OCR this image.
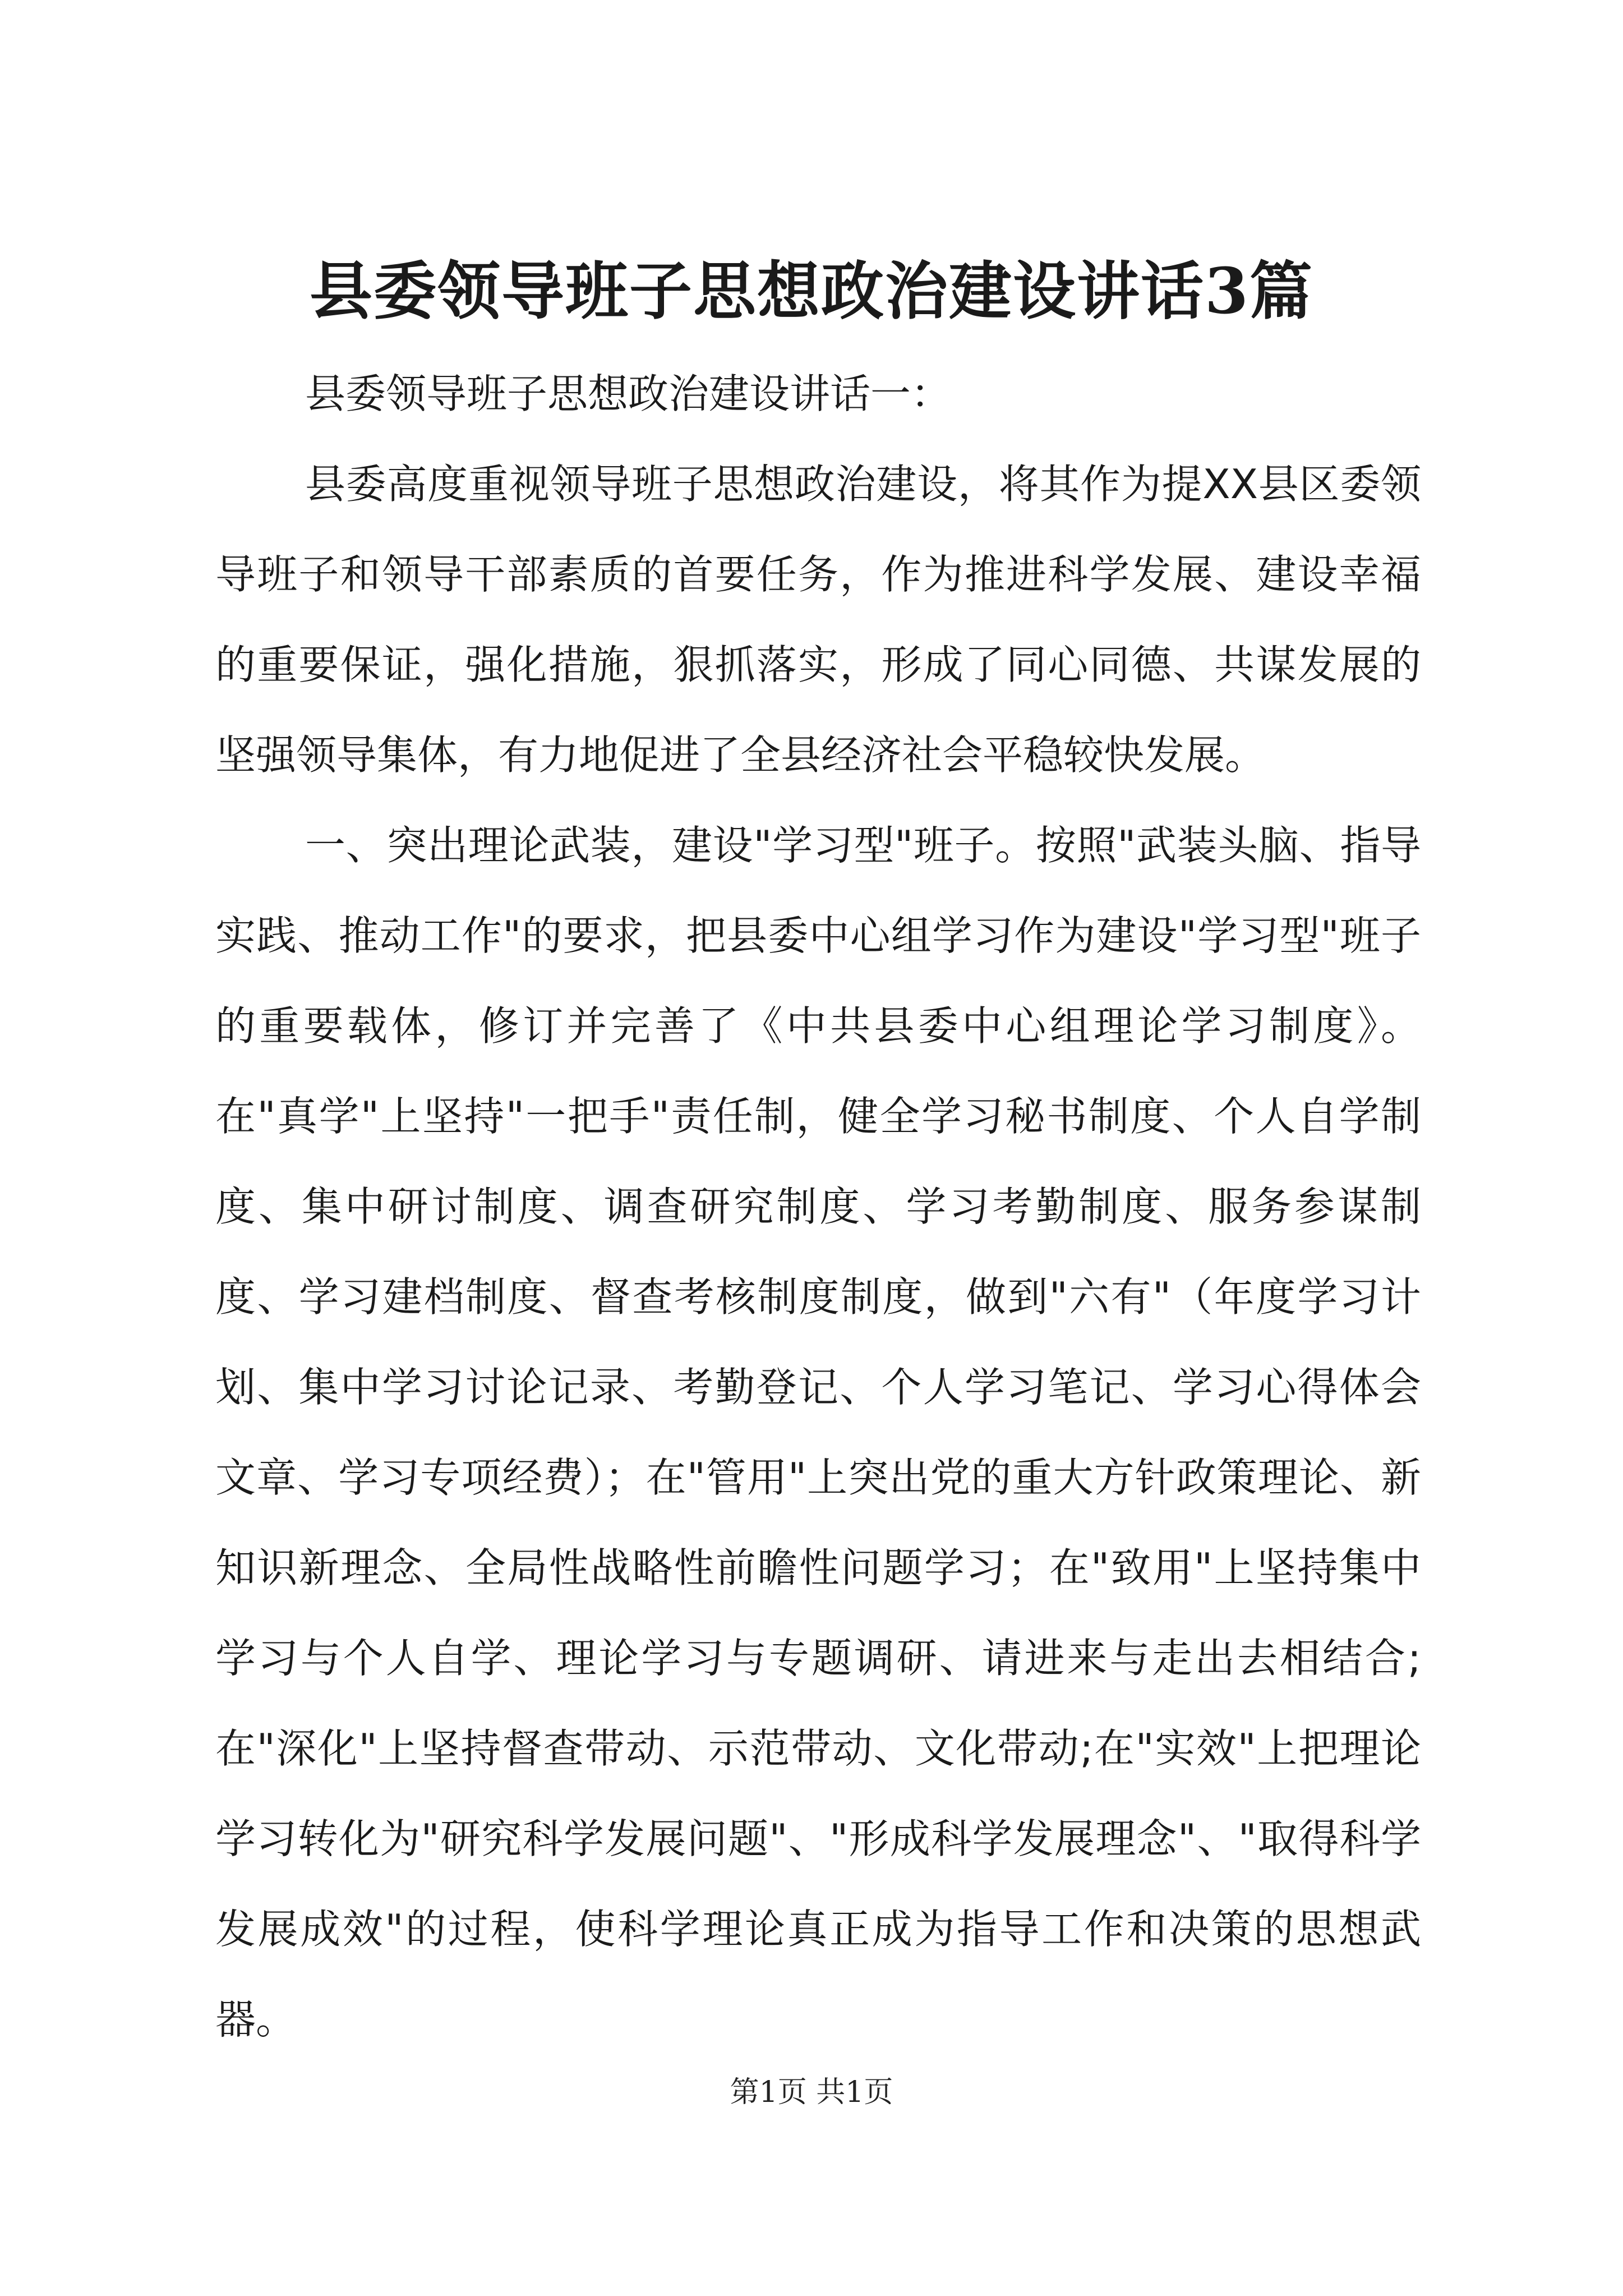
县委领导班子思想政治建设讲话3篇

县委领导班子思想政治建设讲话一：

县委高度重视领导班子思想政治建设，将其作为提XX县区委领导班子和领导干部素质的首要任务，作为推进科学发展、建设幸福的重要保证，强化措施，狠抓落实，形成了同心同德、共谋发展的坚强领导集体，有力地促进了全县经济社会平稳较快发展。

一、突出理论武装，建设"学习型"班子。按照"武装头脑、指导实践、推动工作"的要求，把县委中心组学习作为建设"学习型"班子的重要载体，修订并完善了《中共县委中心组理论学习制度》。在"真学"上坚持"一把手"责任制，健全学习秘书制度、个人自学制度、集中研讨制度、调查研究制度、学习考勤制度、服务参谋制度、学习建档制度、督查考核制度制度，做到"六有"（年度学习计划、集中学习讨论记录、考勤登记、个人学习笔记、学习心得体会文章、学习专项经费）；在"管用"上突出党的重大方针政策理论、新知识新理念、全局性战略性前瞻性问题学习；在"致用"上坚持集中学习与个人自学、理论学习与专题调研、请进来与走出去相结合;在"深化"上坚持督查带动、示范带动、文化带动;在"实效"上把理论学习转化为"研究科学发展问题"、"形成科学发展理念"、"取得科学发展成效"的过程，使科学理论真正成为指导工作和决策的思想武器。

第1页 共1页
